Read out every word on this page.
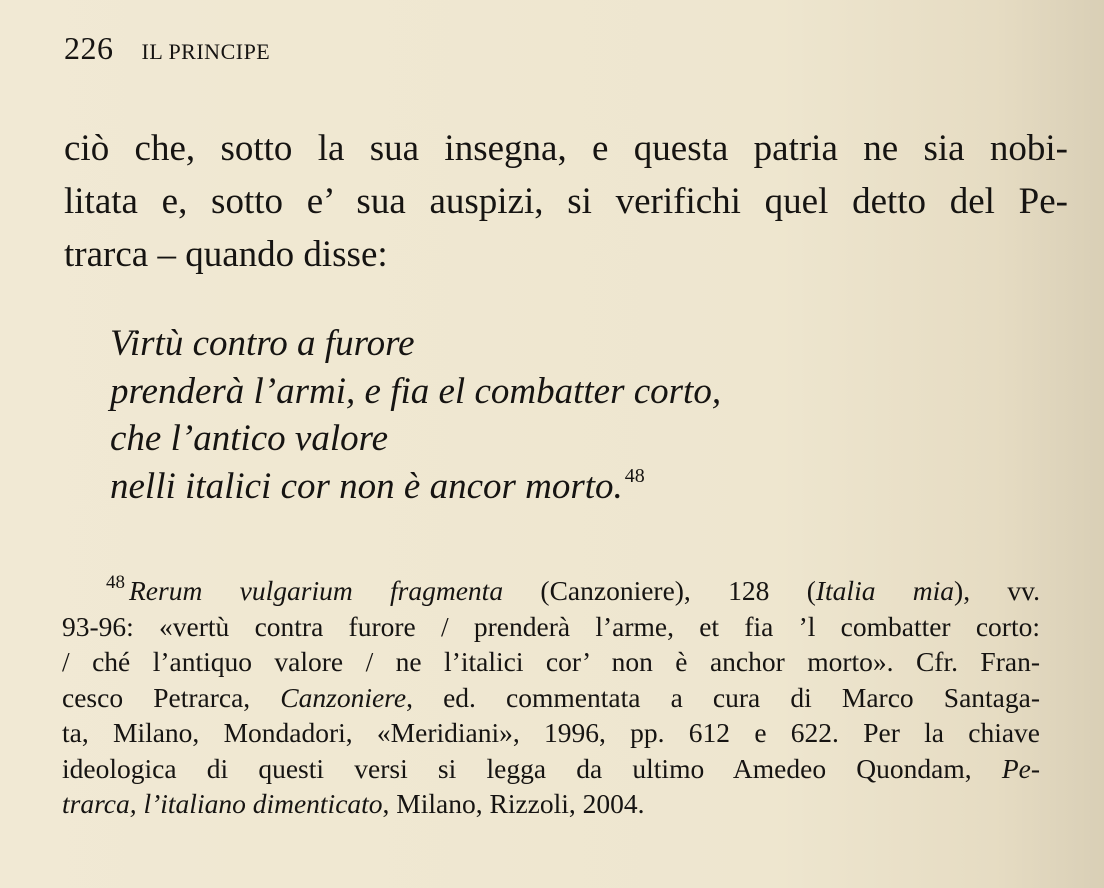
226 IL PRINCIPE

ciò che, sotto la sua insegna, e questa patria ne sia nobi-
litata e, sotto e’ sua auspizi, si verifichi quel detto del Pe-
trarca – quando disse:

Virtù contro a furore
prenderà l’armi, e fia el combatter corto,
che l’antico valore
nelli italici cor non è ancor morto. $^{48}$

$^{48}$ Rerum vulgarium fragmenta (Canzoniere), 128 (Italia mia), vv.
93-96: «vertù contra furore / prenderà l’arme, et fia ’l combatter corto:
/ ché l’antiquo valore / ne l’italici cor’ non è anchor morto». Cfr. Fran-
cesco Petrarca, Canzoniere, ed. commentata a cura di Marco Santaga-
ta, Milano, Mondadori, «Meridiani», 1996, pp. 612 e 622. Per la chiave
ideologica di questi versi si legga da ultimo Amedeo Quondam, Pe-
trarca, l’italiano dimenticato, Milano, Rizzoli, 2004.
